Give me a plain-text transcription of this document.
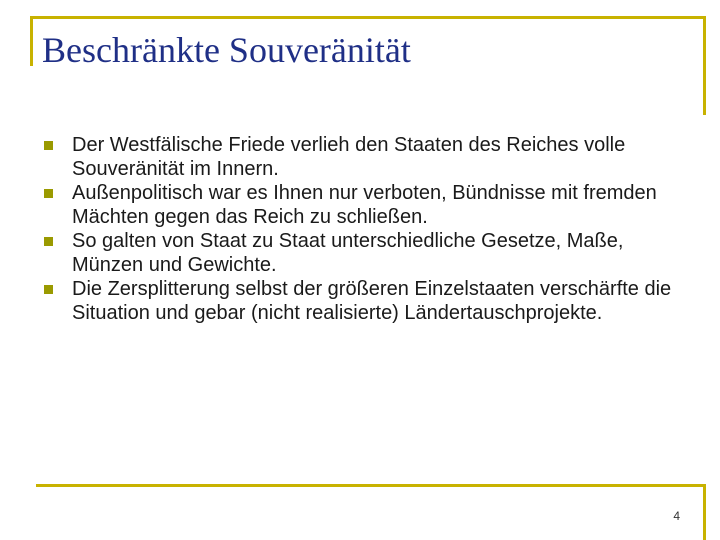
Beschränkte Souveränität
Der Westfälische Friede verlieh den Staaten des Reiches volle Souveränität im Innern.
Außenpolitisch war es Ihnen nur verboten, Bündnisse mit fremden Mächten gegen das Reich zu schließen.
So galten von Staat zu Staat unterschiedliche Gesetze, Maße, Münzen und Gewichte.
Die Zersplitterung selbst der größeren Einzelstaaten verschärfte die Situation und gebar (nicht realisierte) Ländertauschprojekte.
4
